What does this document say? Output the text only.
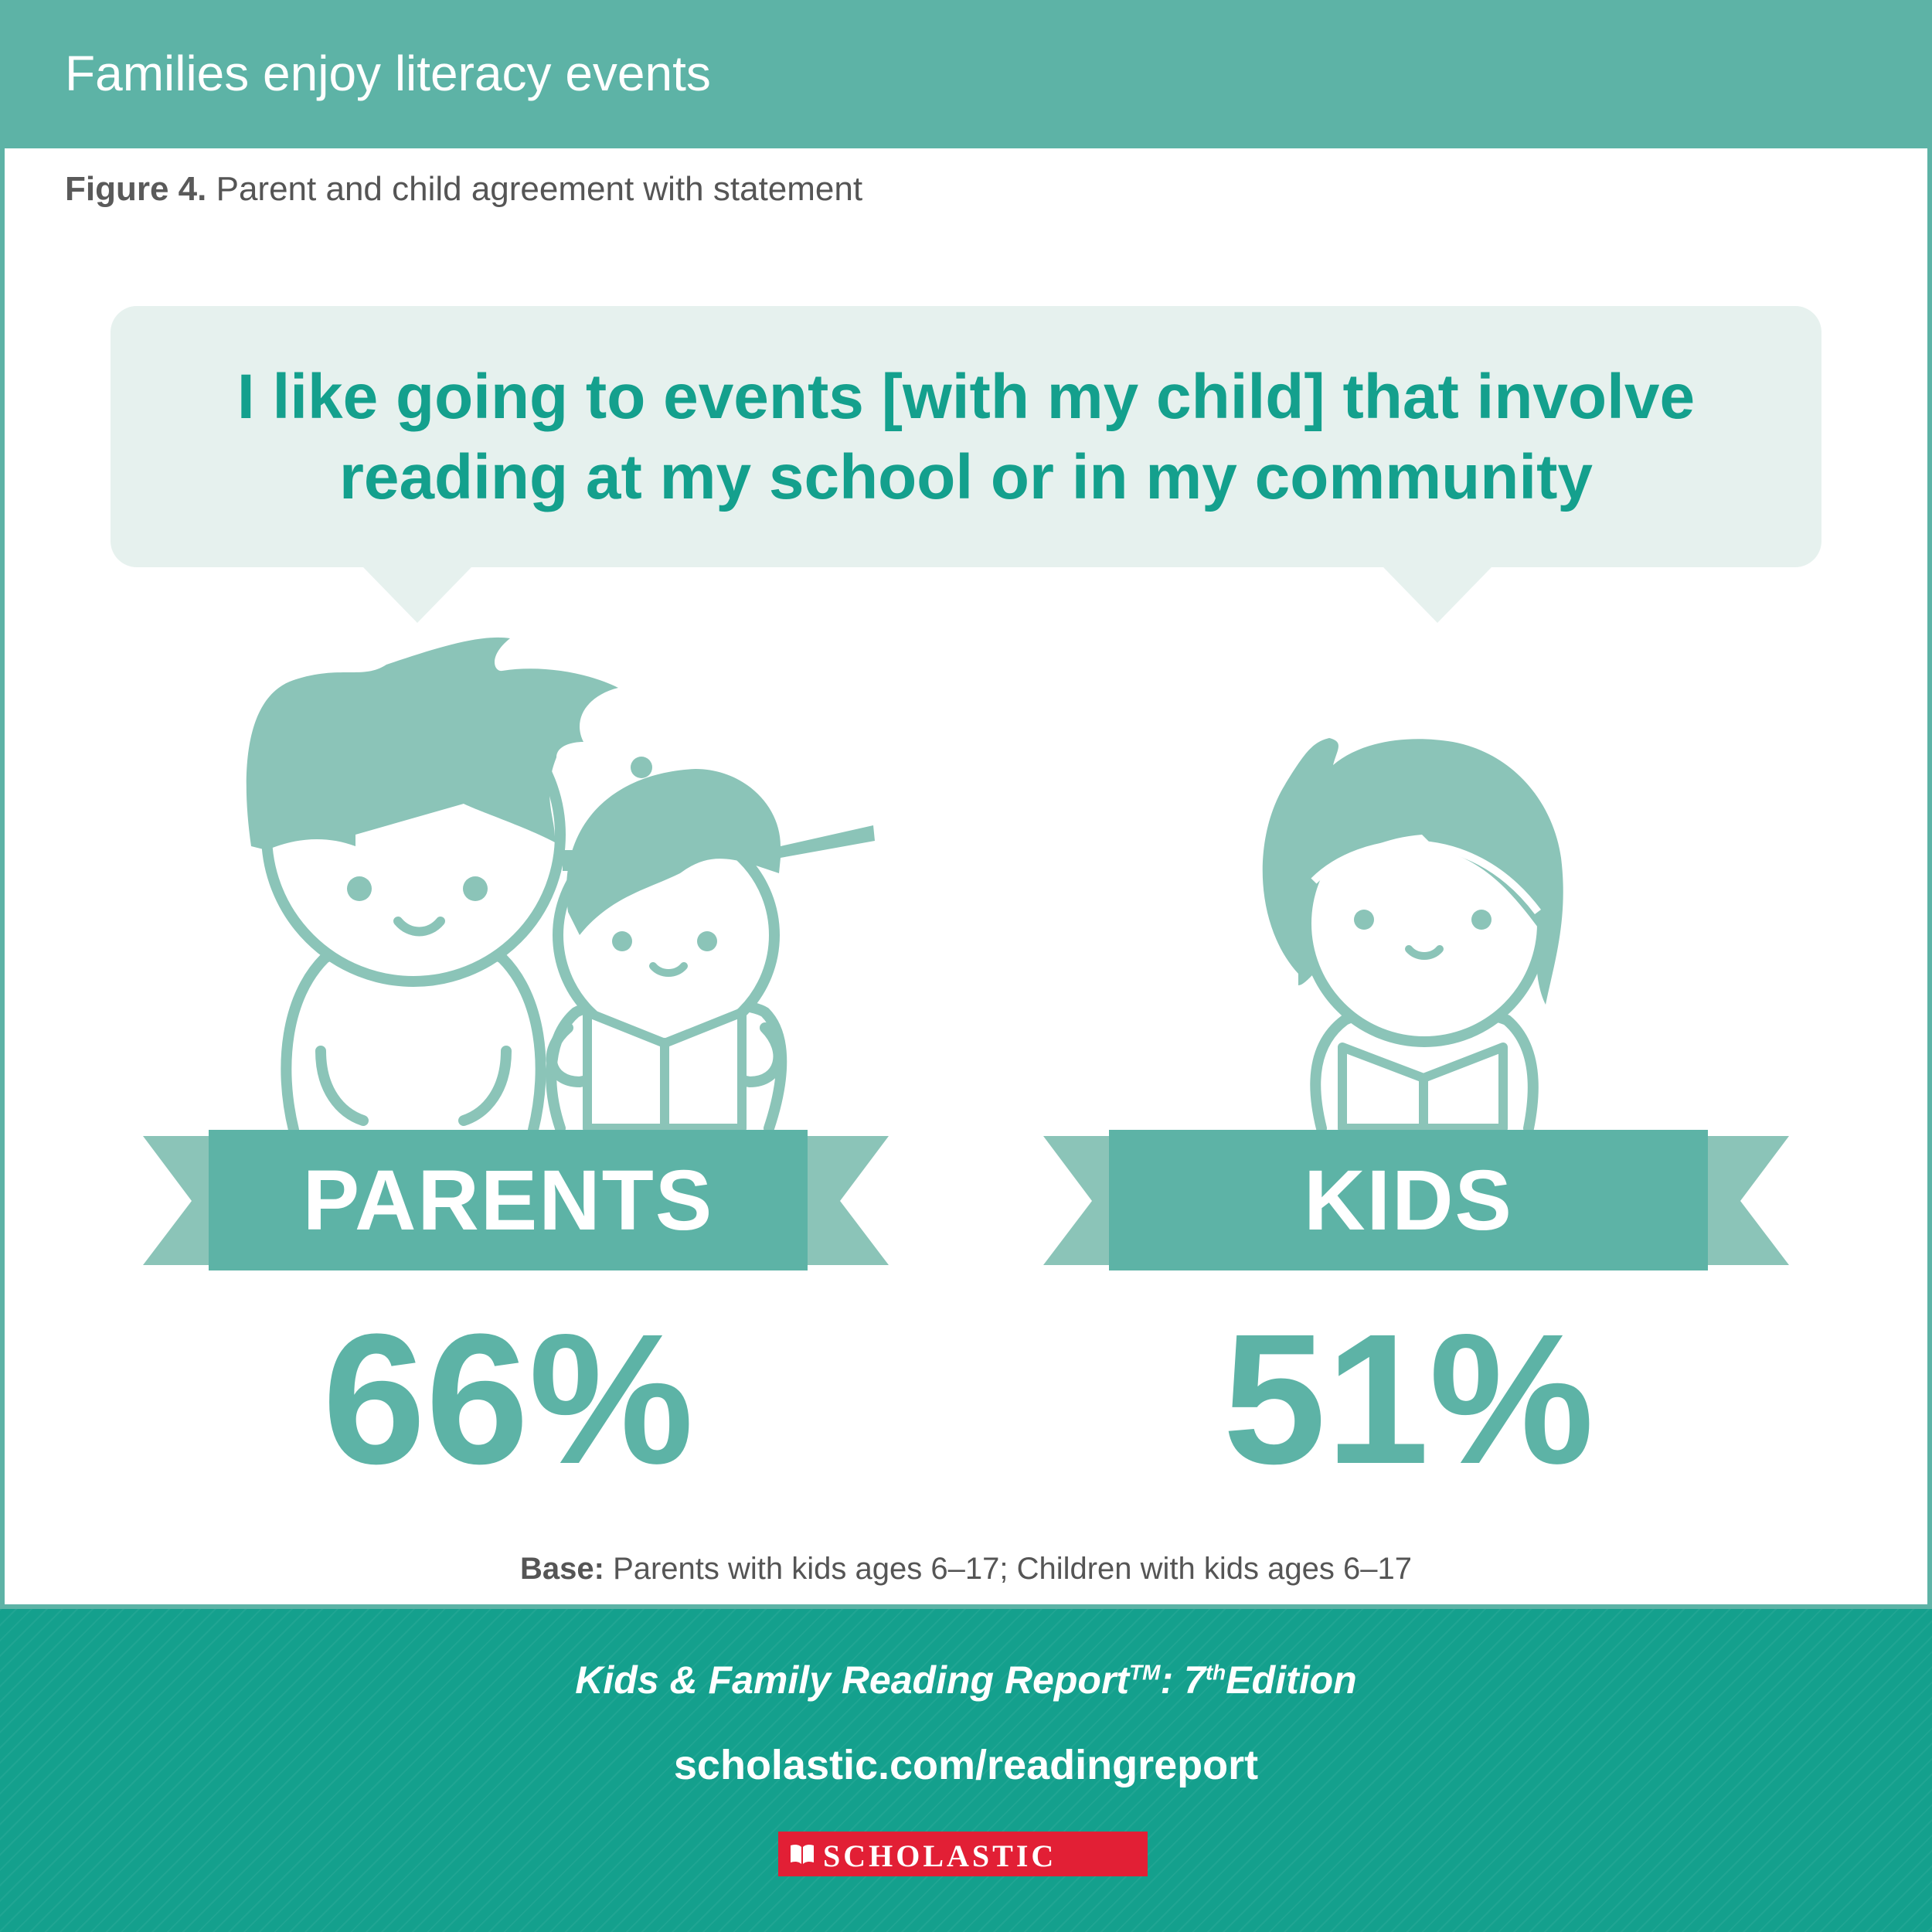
Families enjoy literacy events
Figure 4. Parent and child agreement with statement
I like going to events [with my child] that involve
reading at my school or in my community
PARENTS	KIDS
66%	51%
Base: Parents with kids ages 6–17; Children with kids ages 6–17
Kids & Family Reading Report™: 7thEdition
scholastic.com/readingreport
SCHOLASTIC
